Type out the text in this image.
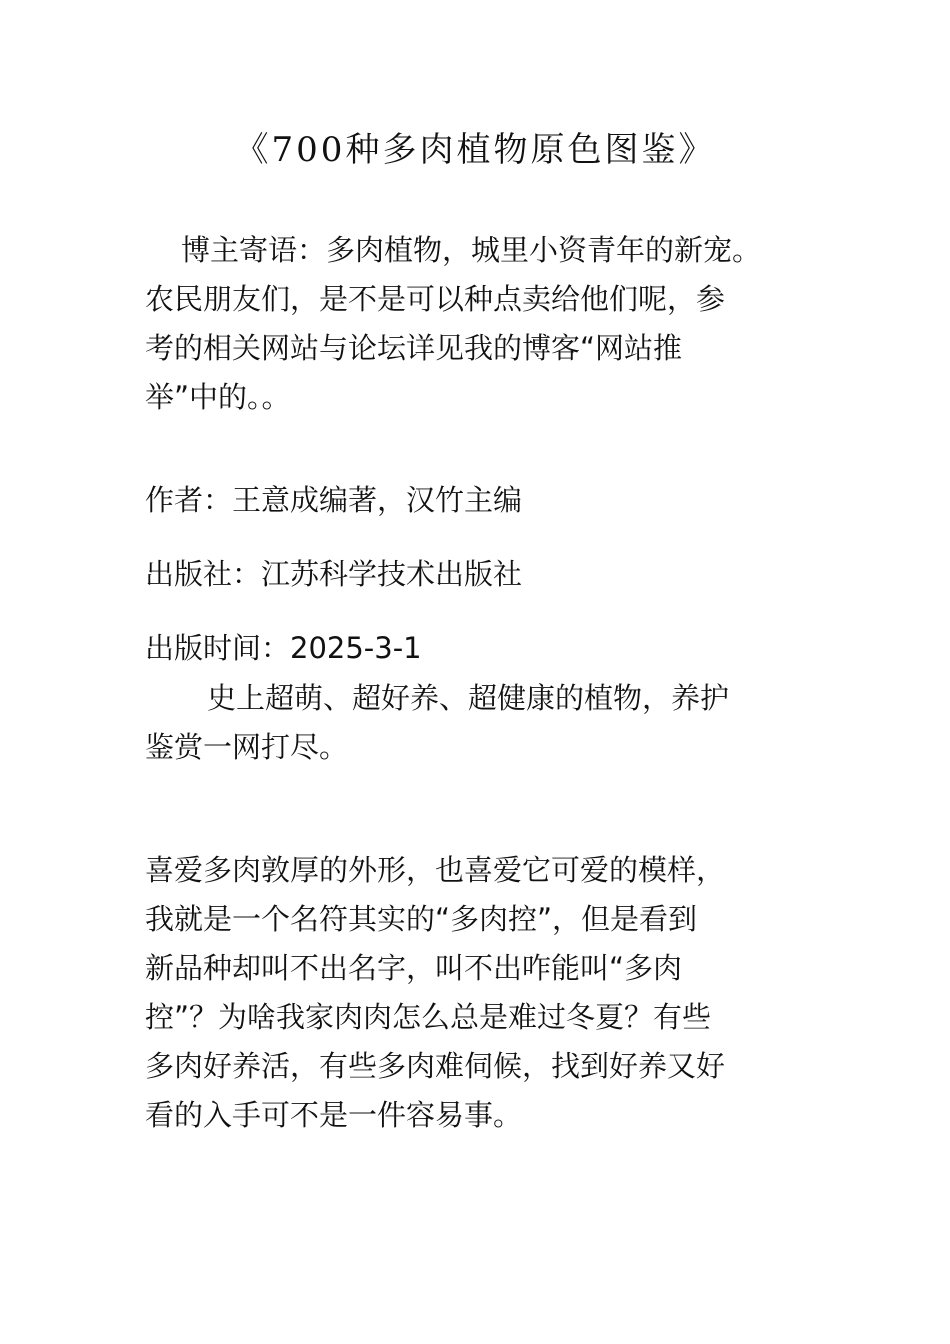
《700种多肉植物原色图鉴》
博主寄语：多肉植物，城里小资青年的新宠。
农民朋友们，是不是可以种点卖给他们呢，参
考的相关网站与论坛详见我的博客“网站推
举”中的。。
作者：王意成编著，汉竹主编
出版社：江苏科学技术出版社
出版时间：2025-3-1
史上超萌、超好养、超健康的植物，养护
鉴赏一网打尽。
喜爱多肉敦厚的外形，也喜爱它可爱的模样，
我就是一个名符其实的“多肉控”，但是看到
新品种却叫不出名字，叫不出咋能叫“多肉
控”？为啥我家肉肉怎么总是难过冬夏？有些
多肉好养活，有些多肉难伺候，找到好养又好
看的入手可不是一件容易事。
